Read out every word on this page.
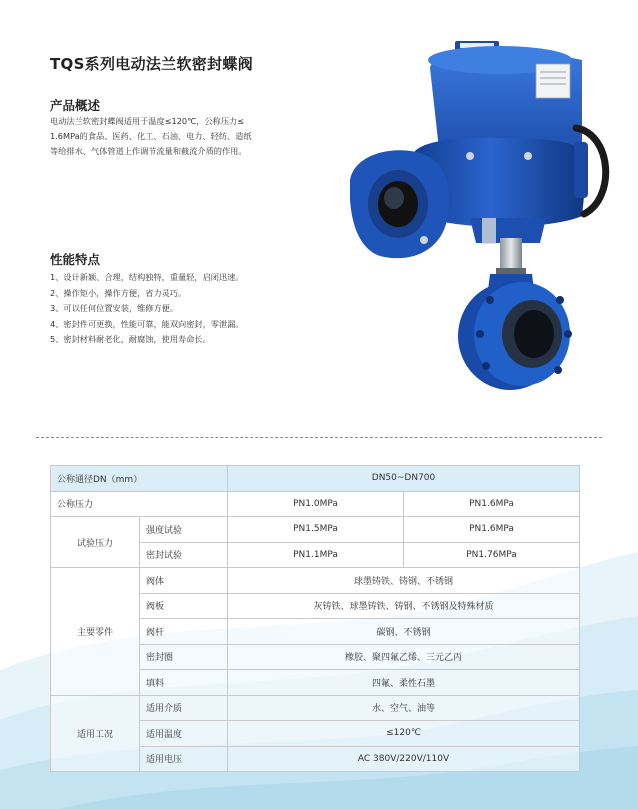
TQS系列电动法兰软密封蝶阀
产品概述
电动法兰软密封蝶阀适用于温度≤120℃，公称压力≤
1.6MPa的食品、医药、化工、石油、电力、轻纺、造纸
等给排水、气体管道上作调节流量和截流介质的作用。
性能特点
1、设计新颖、合理，结构独特，重量轻，启闭迅速。
2、操作矩小，操作方便，省力灵巧。
3、可以任何位置安装，维修方便。
4、密封件可更换，性能可靠，能双向密封，零泄漏。
5、密封材料耐老化，耐腐蚀，使用寿命长。
公称通径DN（mm）		DN50~DN700	
公称压力		PN1.0MPa	PN1.6MPa
试验压力	强度试验	PN1.5MPa	PN1.6MPa
	密封试验	PN1.1MPa	PN1.76MPa
主要零件	阀体	球墨铸铁、铸钢、不锈钢	
	阀板	灰铸铁、球墨铸铁、铸钢、不锈钢及特殊材质	
	阀杆	碳钢、不锈钢	
	密封圈	橡胶、聚四氟乙烯、三元乙丙	
	填料	四氟、柔性石墨	
适用工况	适用介质	水、空气、油等	
	适用温度	≤120℃	
	适用电压	AC 380V/220V/110V	
